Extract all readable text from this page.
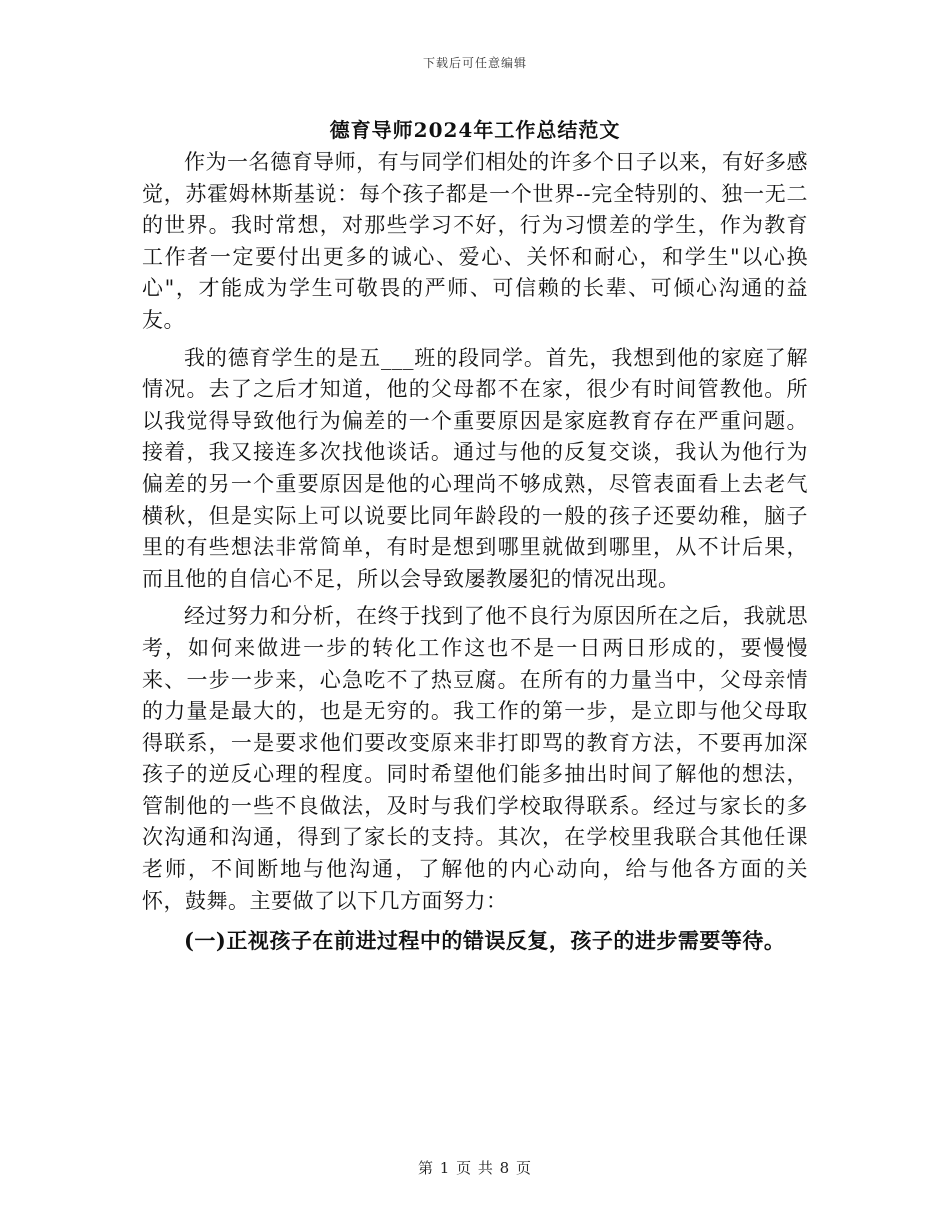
下载后可任意编辑
德育导师2024年工作总结范文

作为一名德育导师，有与同学们相处的许多个日子以来，有好多感觉，苏霍姆林斯基说：每个孩子都是一个世界--完全特别的、独一无二的世界。我时常想，对那些学习不好，行为习惯差的学生，作为教育工作者一定要付出更多的诚心、爱心、关怀和耐心，和学生"以心换心"，才能成为学生可敬畏的严师、可信赖的长辈、可倾心沟通的益友。

我的德育学生的是五___班的段同学。首先，我想到他的家庭了解情况。去了之后才知道，他的父母都不在家，很少有时间管教他。所以我觉得导致他行为偏差的一个重要原因是家庭教育存在严重问题。接着，我又接连多次找他谈话。通过与他的反复交谈，我认为他行为偏差的另一个重要原因是他的心理尚不够成熟，尽管表面看上去老气横秋，但是实际上可以说要比同年龄段的一般的孩子还要幼稚，脑子里的有些想法非常简单，有时是想到哪里就做到哪里，从不计后果，而且他的自信心不足，所以会导致屡教屡犯的情况出现。

经过努力和分析，在终于找到了他不良行为原因所在之后，我就思考，如何来做进一步的转化工作这也不是一日两日形成的，要慢慢来、一步一步来，心急吃不了热豆腐。在所有的力量当中，父母亲情的力量是最大的，也是无穷的。我工作的第一步，是立即与他父母取得联系，一是要求他们要改变原来非打即骂的教育方法，不要再加深孩子的逆反心理的程度。同时希望他们能多抽出时间了解他的想法，管制他的一些不良做法，及时与我们学校取得联系。经过与家长的多次沟通和沟通，得到了家长的支持。其次，在学校里我联合其他任课老师，不间断地与他沟通，了解他的内心动向，给与他各方面的关怀，鼓舞。主要做了以下几方面努力：

(一)正视孩子在前进过程中的错误反复，孩子的进步需要等待。

第 1 页 共 8 页
